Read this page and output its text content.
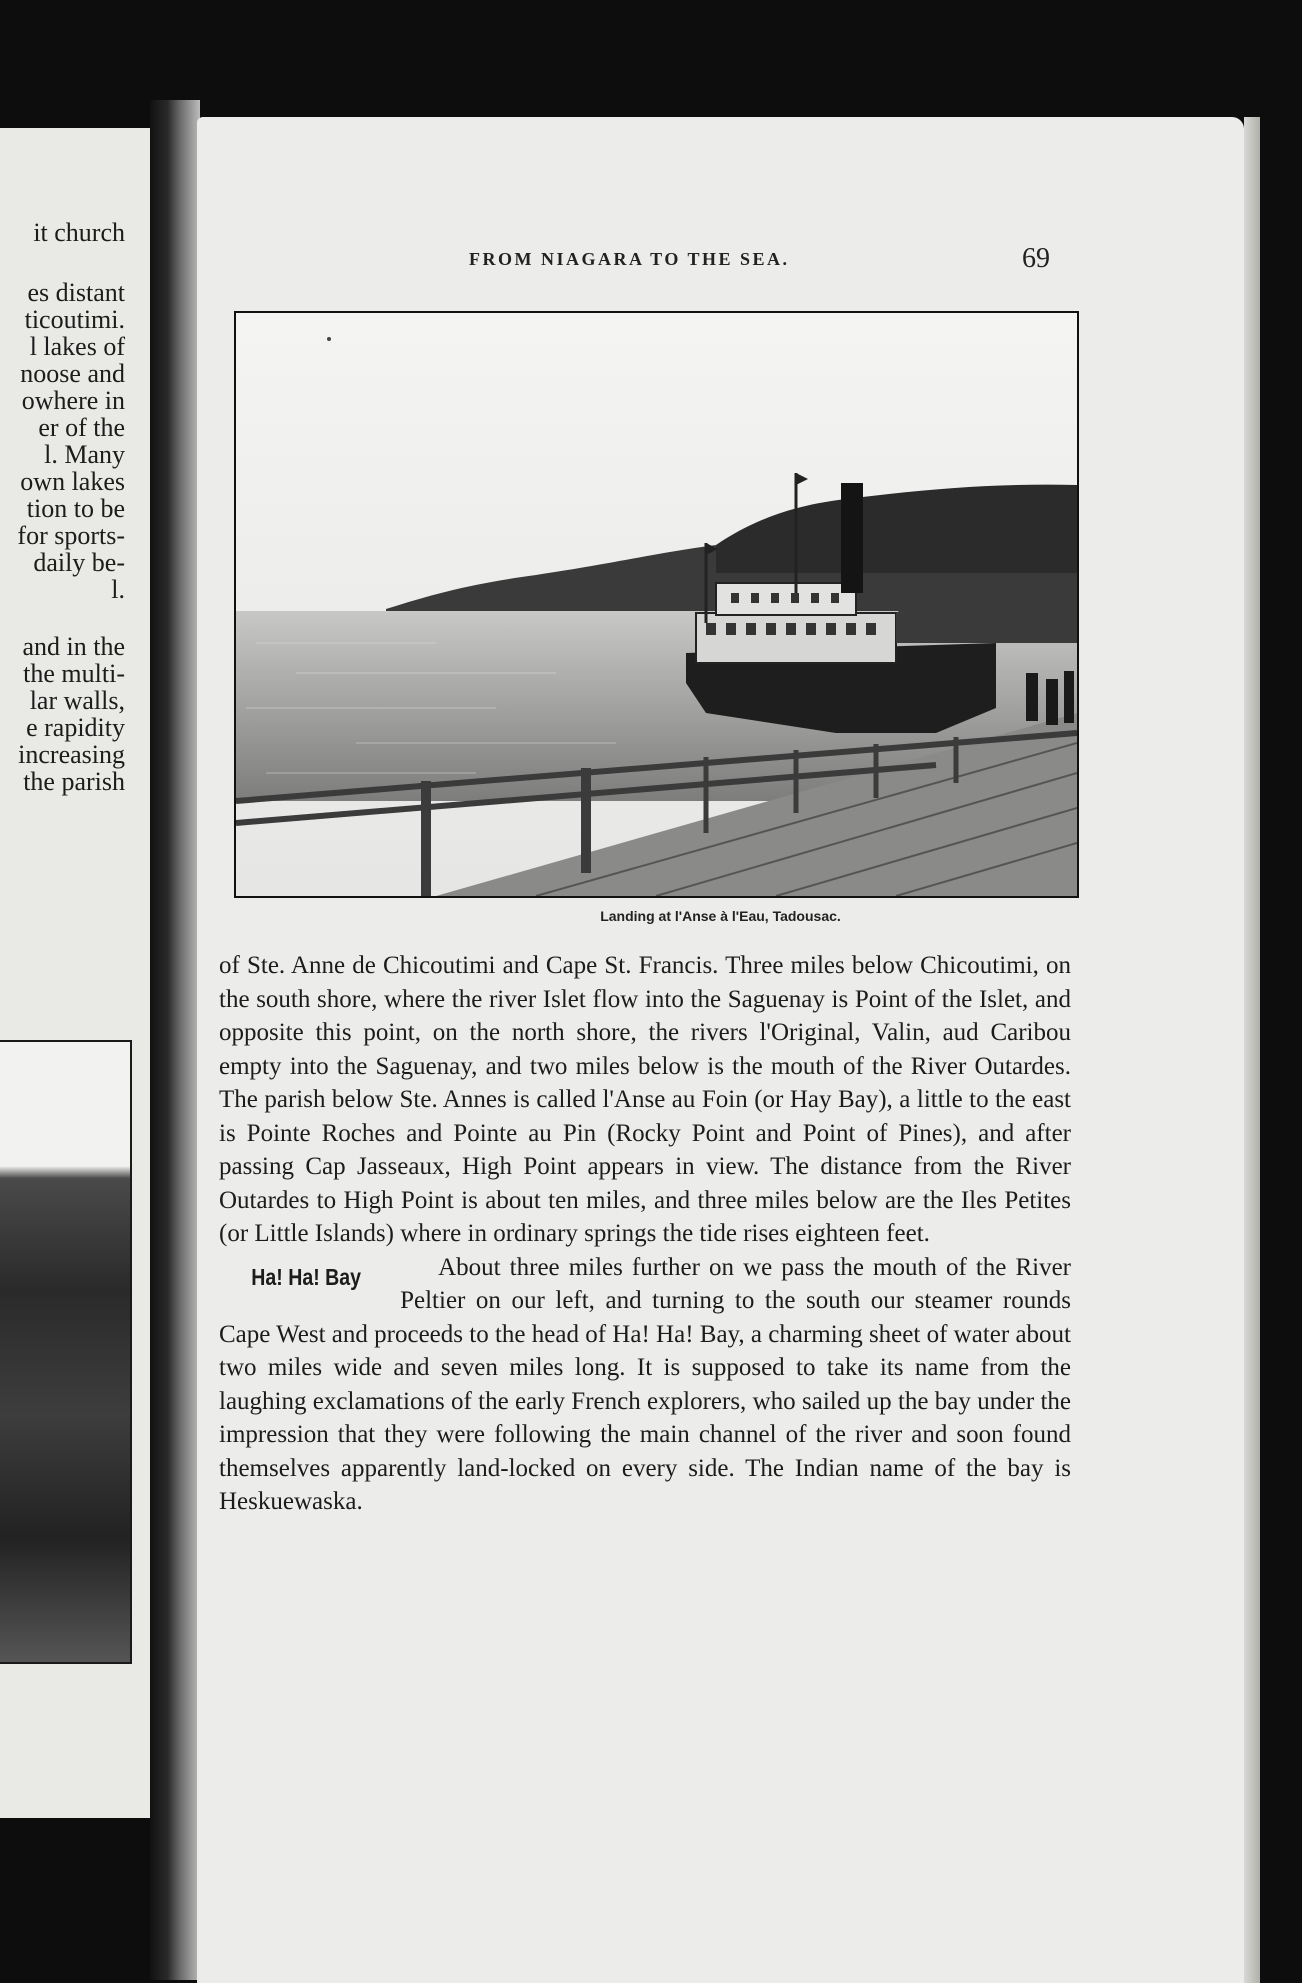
it church
es distant
ticoutimi.
l lakes of
noose and
owhere in
er of the
l. Many
own lakes
tion to be
for sports-
daily be-
l.
and in the
the multi-
lar walls,
e rapidity
increasing
the parish
FROM NIAGARA TO THE SEA.	69
Landing at l'Anse à l'Eau, Tadousac.

of Ste. Anne de Chicoutimi and Cape St. Francis. Three miles below Chicoutimi, on the south shore, where the river Islet flow into the Saguenay is Point of the Islet, and opposite this point, on the north shore, the rivers l'Original, Valin, aud Caribou empty into the Saguenay, and two miles below is the mouth of the River Outardes. The parish below Ste. Annes is called l'Anse au Foin (or Hay Bay), a little to the east is Pointe Roches and Pointe au Pin (Rocky Point and Point of Pines), and after passing Cap Jasseaux, High Point appears in view. The distance from the River Outardes to High Point is about ten miles, and three miles below are the Iles Petites (or Little Islands) where in ordinary springs the tide rises eighteen feet.

Ha! Ha! Bay	About three miles further on we pass the mouth of the River Peltier on our left, and turning to the south our steamer rounds Cape West and proceeds to the head of Ha! Ha! Bay, a charming sheet of water about two miles wide and seven miles long. It is supposed to take its name from the laughing exclamations of the early French explorers, who sailed up the bay under the impression that they were following the main channel of the river and soon found themselves apparently land-locked on every side. The Indian name of the bay is Heskuewaska.
